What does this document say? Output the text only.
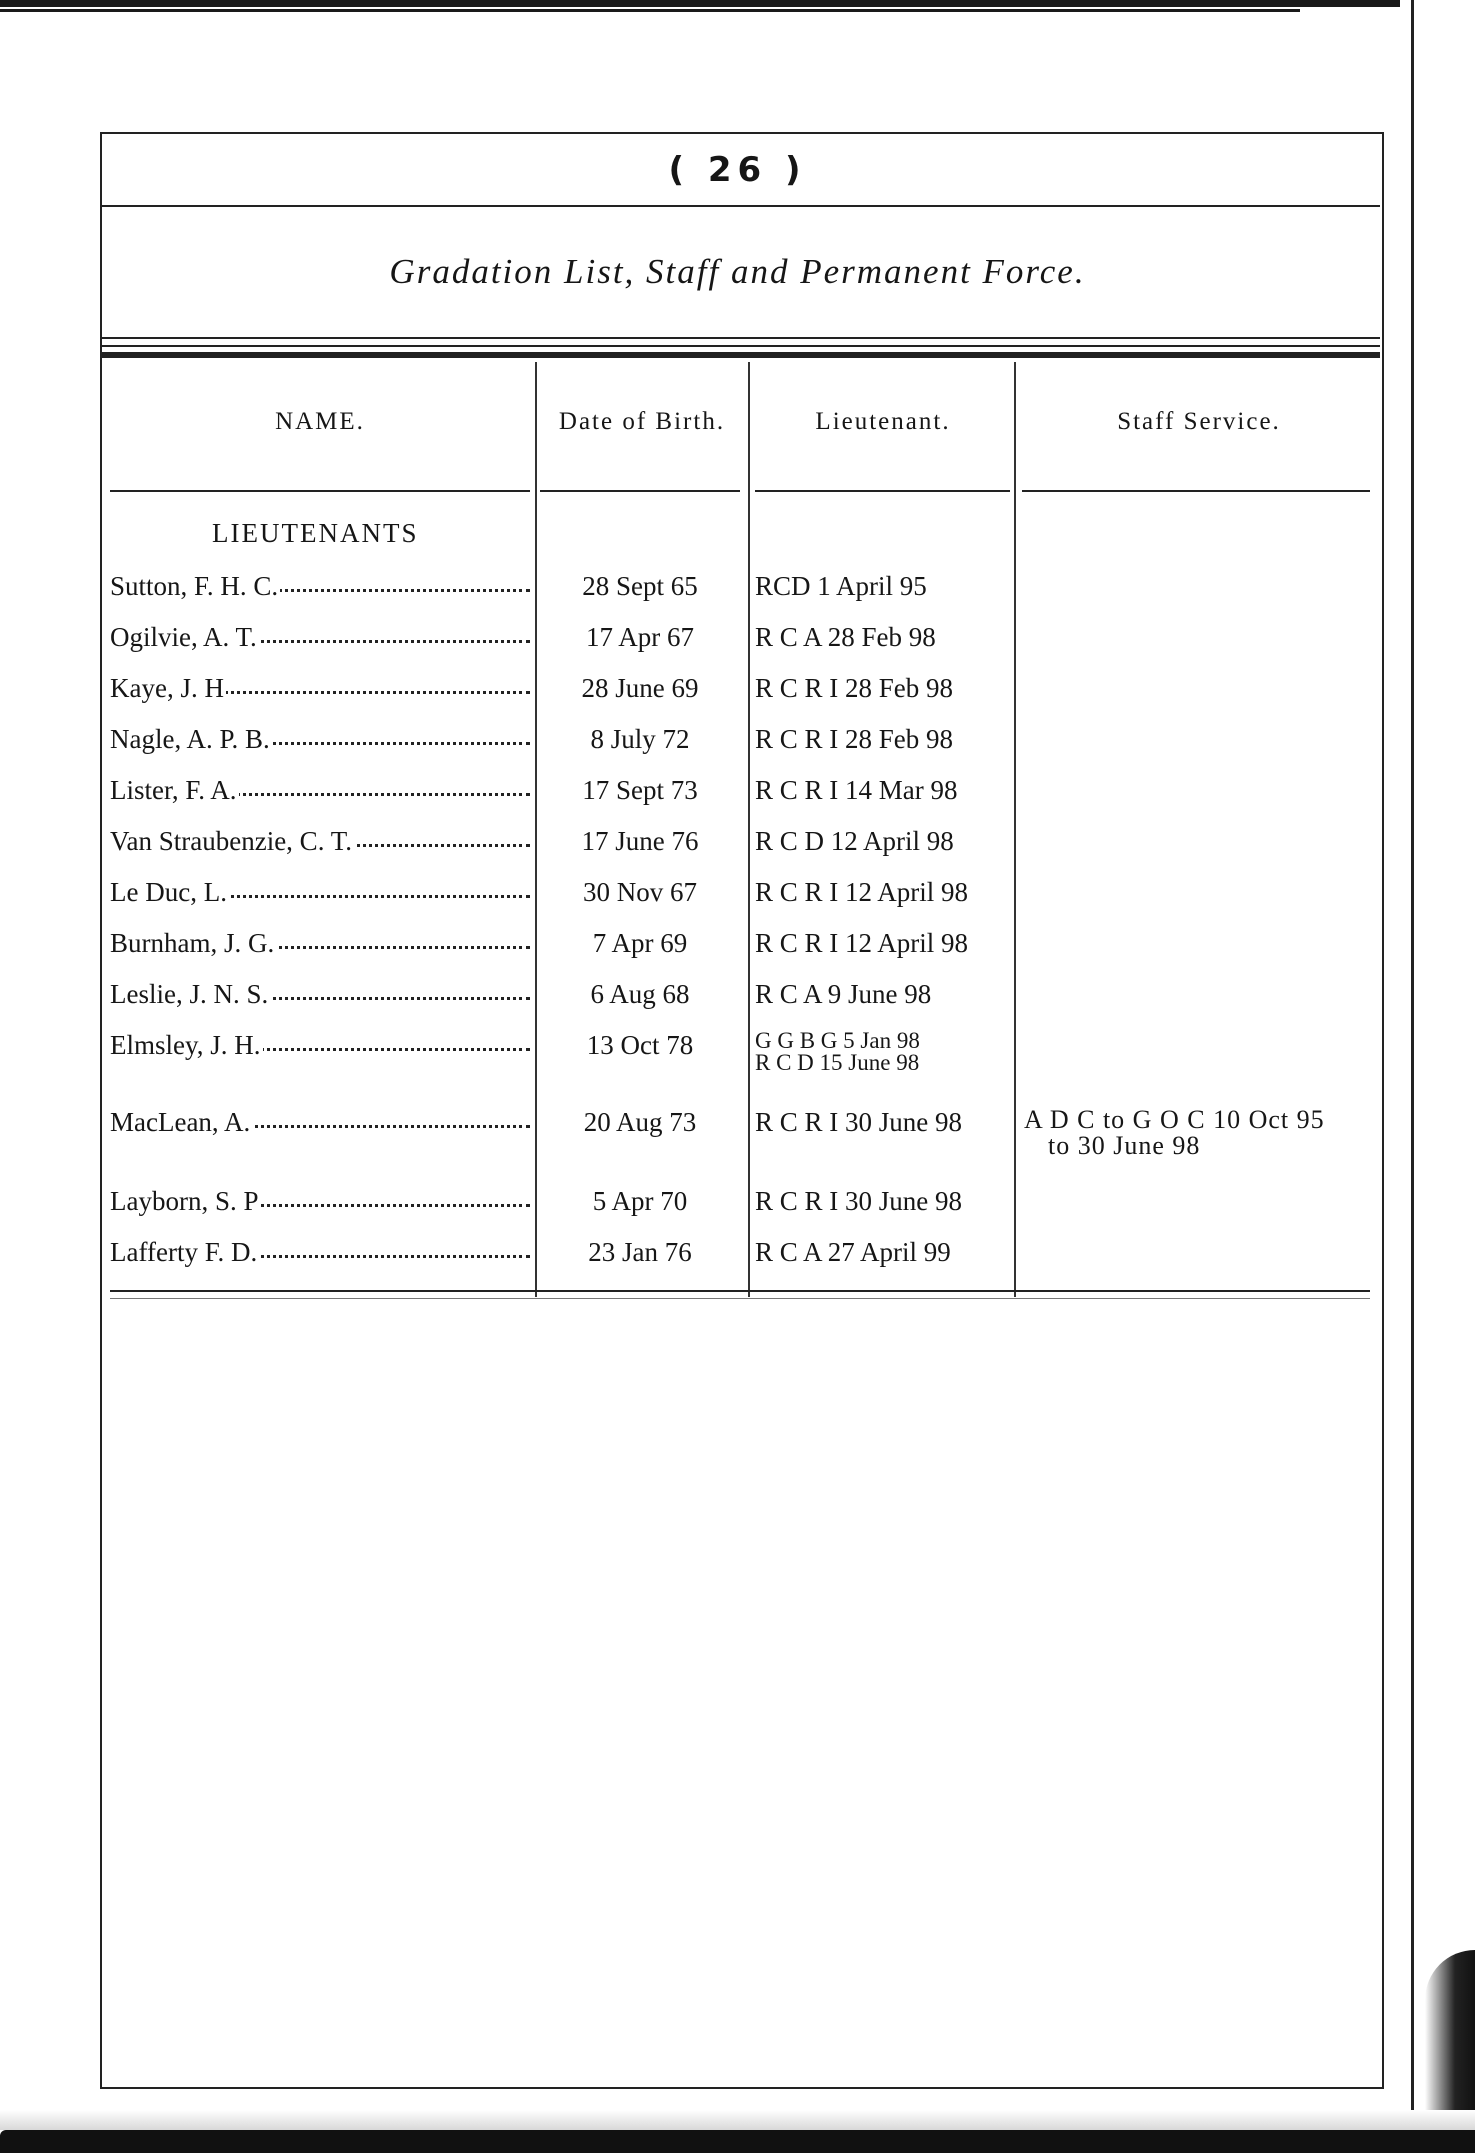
( 26 )
Gradation List, Staff and Permanent Force.
NAME.	Date of Birth.	Lieutenant.	Staff Service.
LIEUTENANTS
Sutton, F. H. C.	28 Sept 65	RCD 1 April 95
Ogilvie, A. T.	17 Apr 67	R C A 28 Feb 98
Kaye, J. H	28 June 69	R C R I 28 Feb 98
Nagle, A. P. B.	8 July 72	R C R I 28 Feb 98
Lister, F. A.	17 Sept 73	R C R I 14 Mar 98
Van Straubenzie, C. T.	17 June 76	R C D 12 April 98
Le Duc, L.	30 Nov 67	R C R I 12 April 98
Burnham, J. G.	7 Apr 69	R C R I 12 April 98
Leslie, J. N. S.	6 Aug 68	R C A 9 June 98
Elmsley, J. H.	13 Oct 78	G G B G 5 Jan 98
R C D 15 June 98
MacLean, A.	20 Aug 73	R C R I 30 June 98	A D C to G O C 10 Oct 95
to 30 June 98
Layborn, S. P	5 Apr 70	R C R I 30 June 98
Lafferty F. D.	23 Jan 76	R C A 27 April 99
